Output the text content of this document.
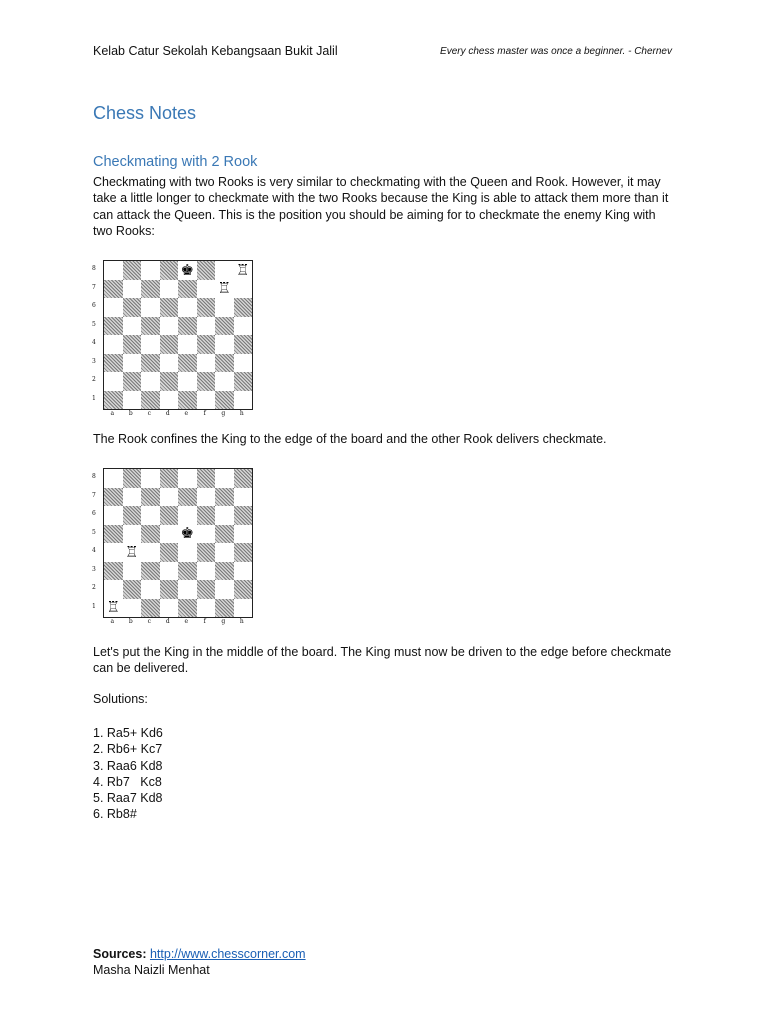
Kelab Catur Sekolah Kebangsaan Bukit Jalil	Every chess master was once a beginner. - Chernev
Chess Notes
Checkmating with 2 Rook
Checkmating with two Rooks is very similar to checkmating with the Queen and Rook. However, it may take a little longer to checkmate with the two Rooks because the King is able to attack them more than it can attack the Queen. This is the position you should be aiming for to checkmate the enemy King with two Rooks:
8
7
6
5
4
3
2
1
♚	♖
♖
a	b	c	d	e	f	g	h
The Rook confines the King to the edge of the board and the other Rook delivers checkmate.
8
7
6
5
4
3
2
1
♚
♖
♖
a	b	c	d	e	f	g	h
Let's put the King in the middle of the board. The King must now be driven to the edge before checkmate can be delivered.
Solutions:
1. Ra5+ Kd6
2. Rb6+ Kc7
3. Raa6 Kd8
4. Rb7   Kc8
5. Raa7 Kd8
6. Rb8#
Sources: http://www.chesscorner.com
Masha Naizli Menhat
